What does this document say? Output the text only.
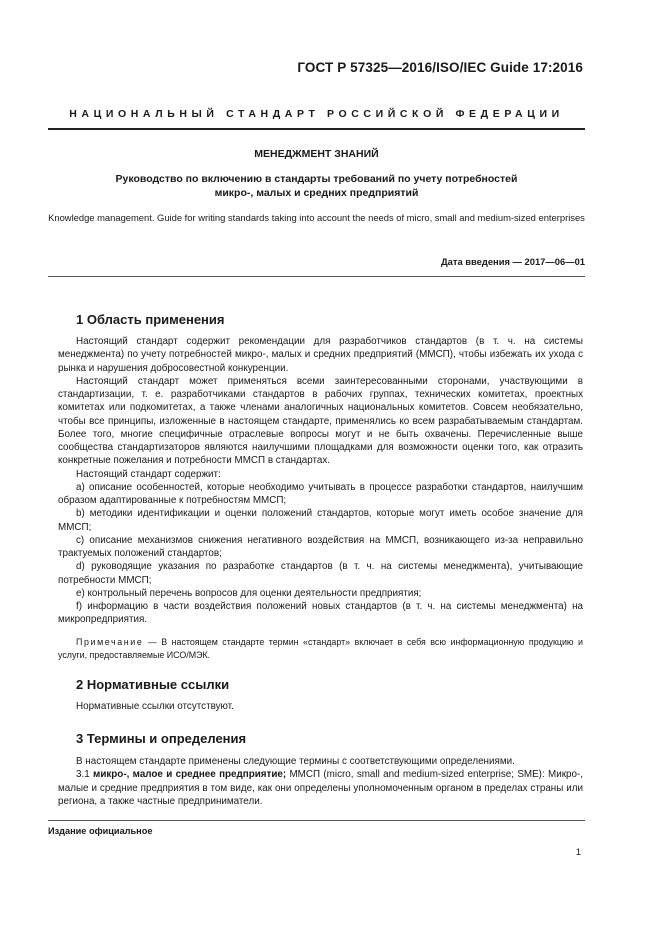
ГОСТ Р 57325—2016/ISO/IEC Guide 17:2016
НАЦИОНАЛЬНЫЙ СТАНДАРТ РОССИЙСКОЙ ФЕДЕРАЦИИ
МЕНЕДЖМЕНТ ЗНАНИЙ
Руководство по включению в стандарты требований по учету потребностей
микро-, малых и средних предприятий
Knowledge management. Guide for writing standards taking into account the needs of micro, small and medium-sized enterprises
Дата введения — 2017—06—01
1 Область применения

Настоящий стандарт содержит рекомендации для разработчиков стандартов (в т. ч. на системы менеджмента) по учету потребностей микро-, малых и средних предприятий (ММСП), чтобы избежать их ухода с рынка и нарушения добросовестной конкуренции.

Настоящий стандарт может применяться всеми заинтересованными сторонами, участвующими в стандартизации, т. е. разработчиками стандартов в рабочих группах, технических комитетах, проектных комитетах или подкомитетах, а также членами аналогичных национальных комитетов. Совсем необязательно, чтобы все принципы, изложенные в настоящем стандарте, применялись ко всем разрабатываемым стандартам. Более того, многие специфичные отраслевые вопросы могут и не быть охвачены. Перечисленные выше сообщества стандартизаторов являются наилучшими площадками для возможности оценки того, как отразить конкретные пожелания и потребности ММСП в стандартах.

Настоящий стандарт содержит:

a) описание особенностей, которые необходимо учитывать в процессе разработки стандартов, наилучшим образом адаптированные к потребностям ММСП;

b) методики идентификации и оценки положений стандартов, которые могут иметь особое значение для ММСП;

c) описание механизмов снижения негативного воздействия на ММСП, возникающего из-за неправильно трактуемых положений стандартов;

d) руководящие указания по разработке стандартов (в т. ч. на системы менеджмента), учитывающие потребности ММСП;

e) контрольный перечень вопросов для оценки деятельности предприятия;

f) информацию в части воздействия положений новых стандартов (в т. ч. на системы менеджмента) на микропредприятия.

Примечание — В настоящем стандарте термин «стандарт» включает в себя всю информационную продукцию и услуги, предоставляемые ИСО/МЭК.
2 Нормативные ссылки

Нормативные ссылки отсутствуют.

3 Термины и определения

В настоящем стандарте применены следующие термины с соответствующими определениями.

3.1 микро-, малое и среднее предприятие; ММСП (micro, small and medium-sized enterprise; SME): Микро-, малые и средние предприятия в том виде, как они определены уполномоченным органом в пределах страны или региона, а также частные предприниматели.

Издание официальное
1
